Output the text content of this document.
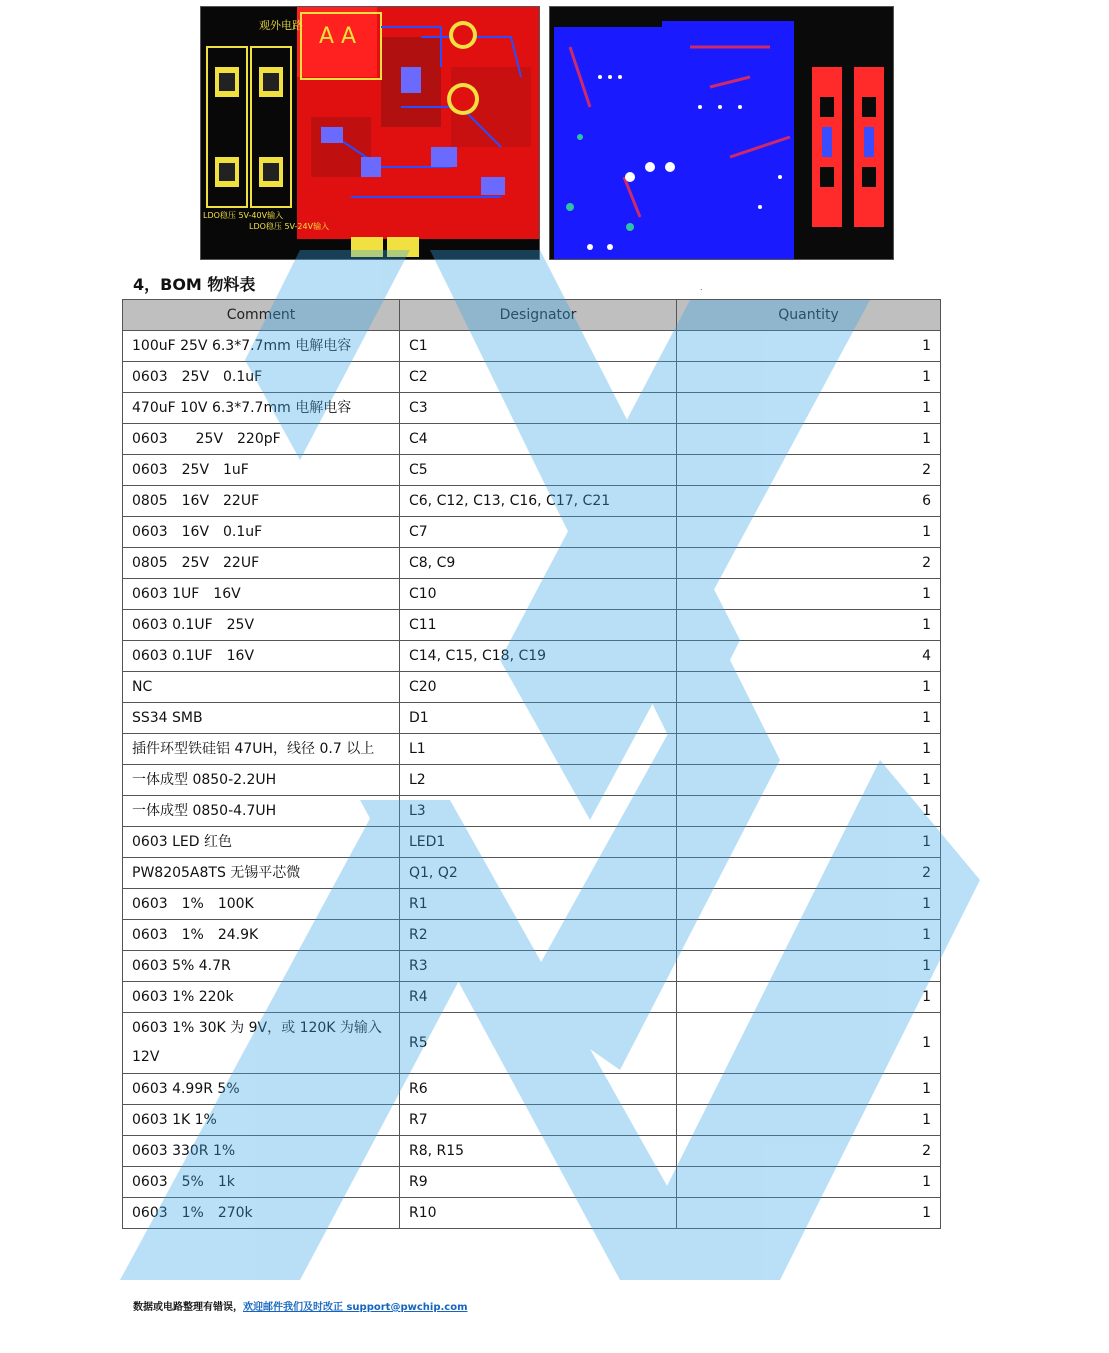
观外电路 A A
LDO稳压 5V-40V输入
LDO稳压 5V-24V输入
.
4，BOM 物料表
Comment	Designator	Quantity
100uF 25V 6.3*7.7mm 电解电容	C1	1
0603　25V　0.1uF	C2	1
470uF 10V 6.3*7.7mm 电解电容	C3	1
0603　　25V　220pF	C4	1
0603　25V　1uF	C5	2
0805　16V　22UF	C6, C12, C13, C16, C17, C21	6
0603　16V　0.1uF	C7	1
0805　25V　22UF	C8, C9	2
0603 1UF　16V	C10	1
0603 0.1UF　25V	C11	1
0603 0.1UF　16V	C14, C15, C18, C19	4
NC	C20	1
SS34 SMB	D1	1
插件环型铁硅铝 47UH，线径 0.7 以上	L1	1
一体成型 0850-2.2UH	L2	1
一体成型 0850-4.7UH	L3	1
0603 LED 红色	LED1	1
PW8205A8TS 无锡平芯微	Q1, Q2	2
0603　1%　100K	R1	1
0603　1%　24.9K	R2	1
0603 5% 4.7R	R3	1
0603 1% 220k	R4	1
0603 1% 30K 为 9V，或 120K 为输入 12V	R5	1
0603 4.99R 5%	R6	1
0603 1K 1%	R7	1
0603 330R 1%	R8, R15	2
0603　5%　1k	R9	1
0603　1%　270k	R10	1
数据或电路整理有错误，欢迎邮件我们及时改正 support@pwchip.com
